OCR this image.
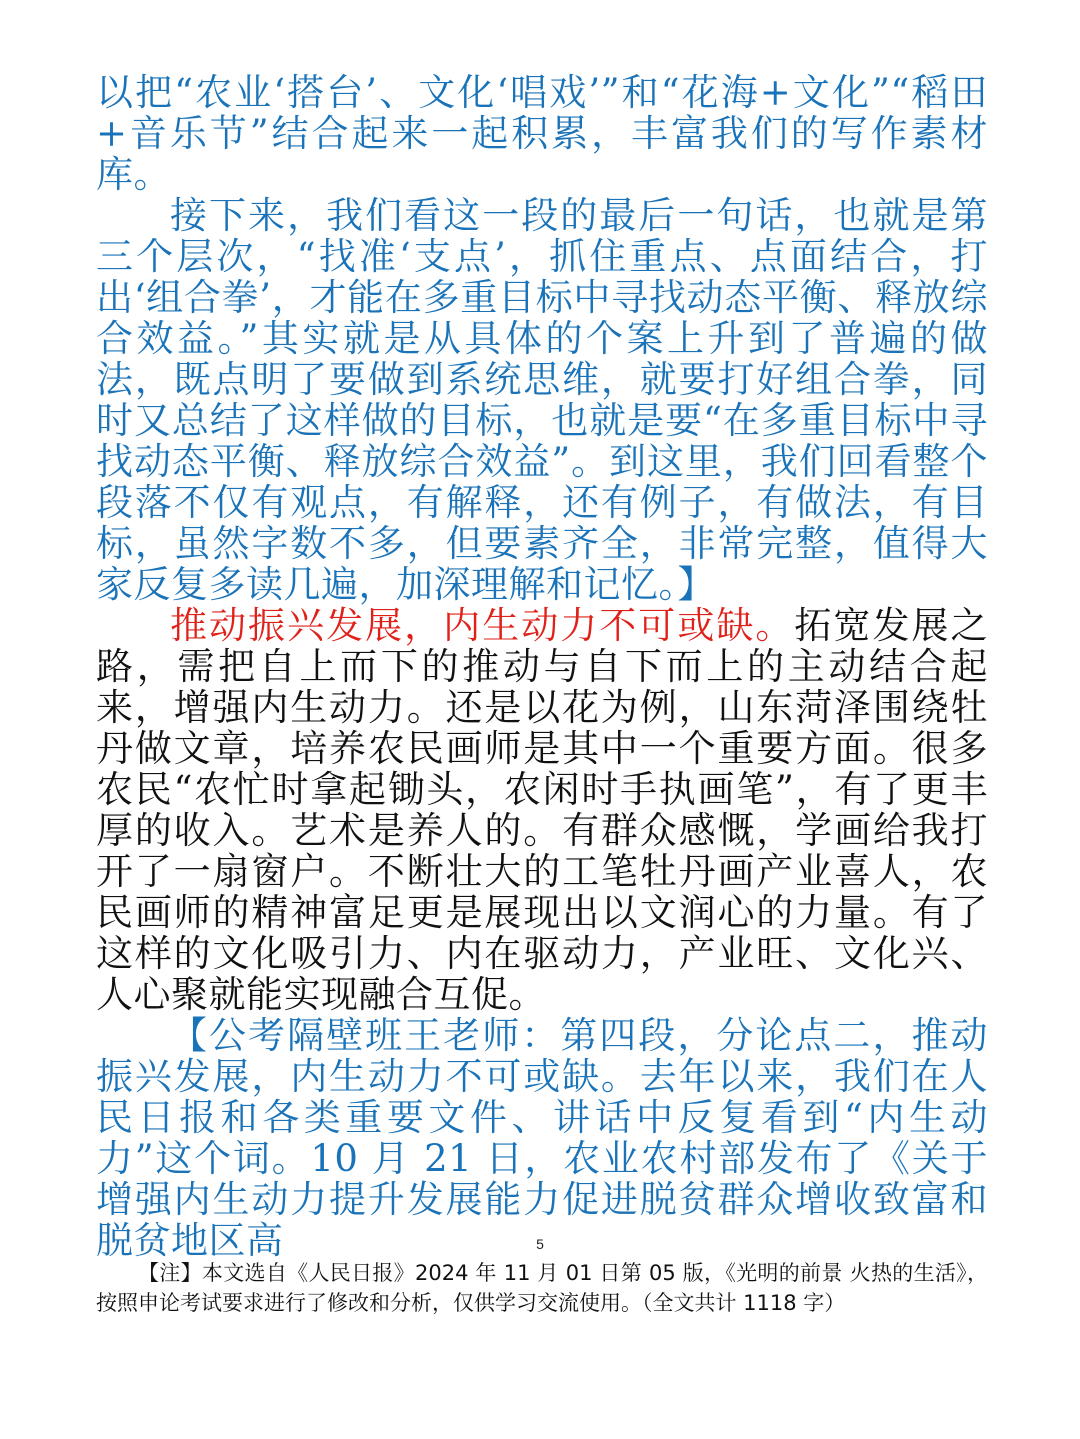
以把“农业‘搭台’、文化‘唱戏’”和“花海+文化”“稻田+音乐节”结合起来一起积累，丰富我们的写作素材库。

接下来，我们看这一段的最后一句话，也就是第三个层次，“找准‘支点’，抓住重点、点面结合，打出‘组合拳’，才能在多重目标中寻找动态平衡、释放综合效益。”其实就是从具体的个案上升到了普遍的做法，既点明了要做到系统思维，就要打好组合拳，同时又总结了这样做的目标，也就是要“在多重目标中寻找动态平衡、释放综合效益”。到这里，我们回看整个段落不仅有观点，有解释，还有例子，有做法，有目标，虽然字数不多，但要素齐全，非常完整，值得大家反复多读几遍，加深理解和记忆。】

推动振兴发展，内生动力不可或缺。拓宽发展之路，需把自上而下的推动与自下而上的主动结合起来，增强内生动力。还是以花为例，山东菏泽围绕牡丹做文章，培养农民画师是其中一个重要方面。很多农民“农忙时拿起锄头，农闲时手执画笔”，有了更丰厚的收入。艺术是养人的。有群众感慨，学画给我打开了一扇窗户。不断壮大的工笔牡丹画产业喜人，农民画师的精神富足更是展现出以文润心的力量。有了这样的文化吸引力、内在驱动力，产业旺、文化兴、人心聚就能实现融合互促。

【公考隔壁班王老师：第四段，分论点二，推动振兴发展，内生动力不可或缺。去年以来，我们在人民日报和各类重要文件、讲话中反复看到“内生动力”这个词。10 月 21 日，农业农村部发布了《关于增强内生动力提升发展能力促进脱贫群众增收致富和脱贫地区高	5
【注】本文选自《人民日报》2024 年 11 月 01 日第 05 版，《光明的前景 火热的生活》，按照申论考试要求进行了修改和分析，仅供学习交流使用。（全文共计 1118 字）
